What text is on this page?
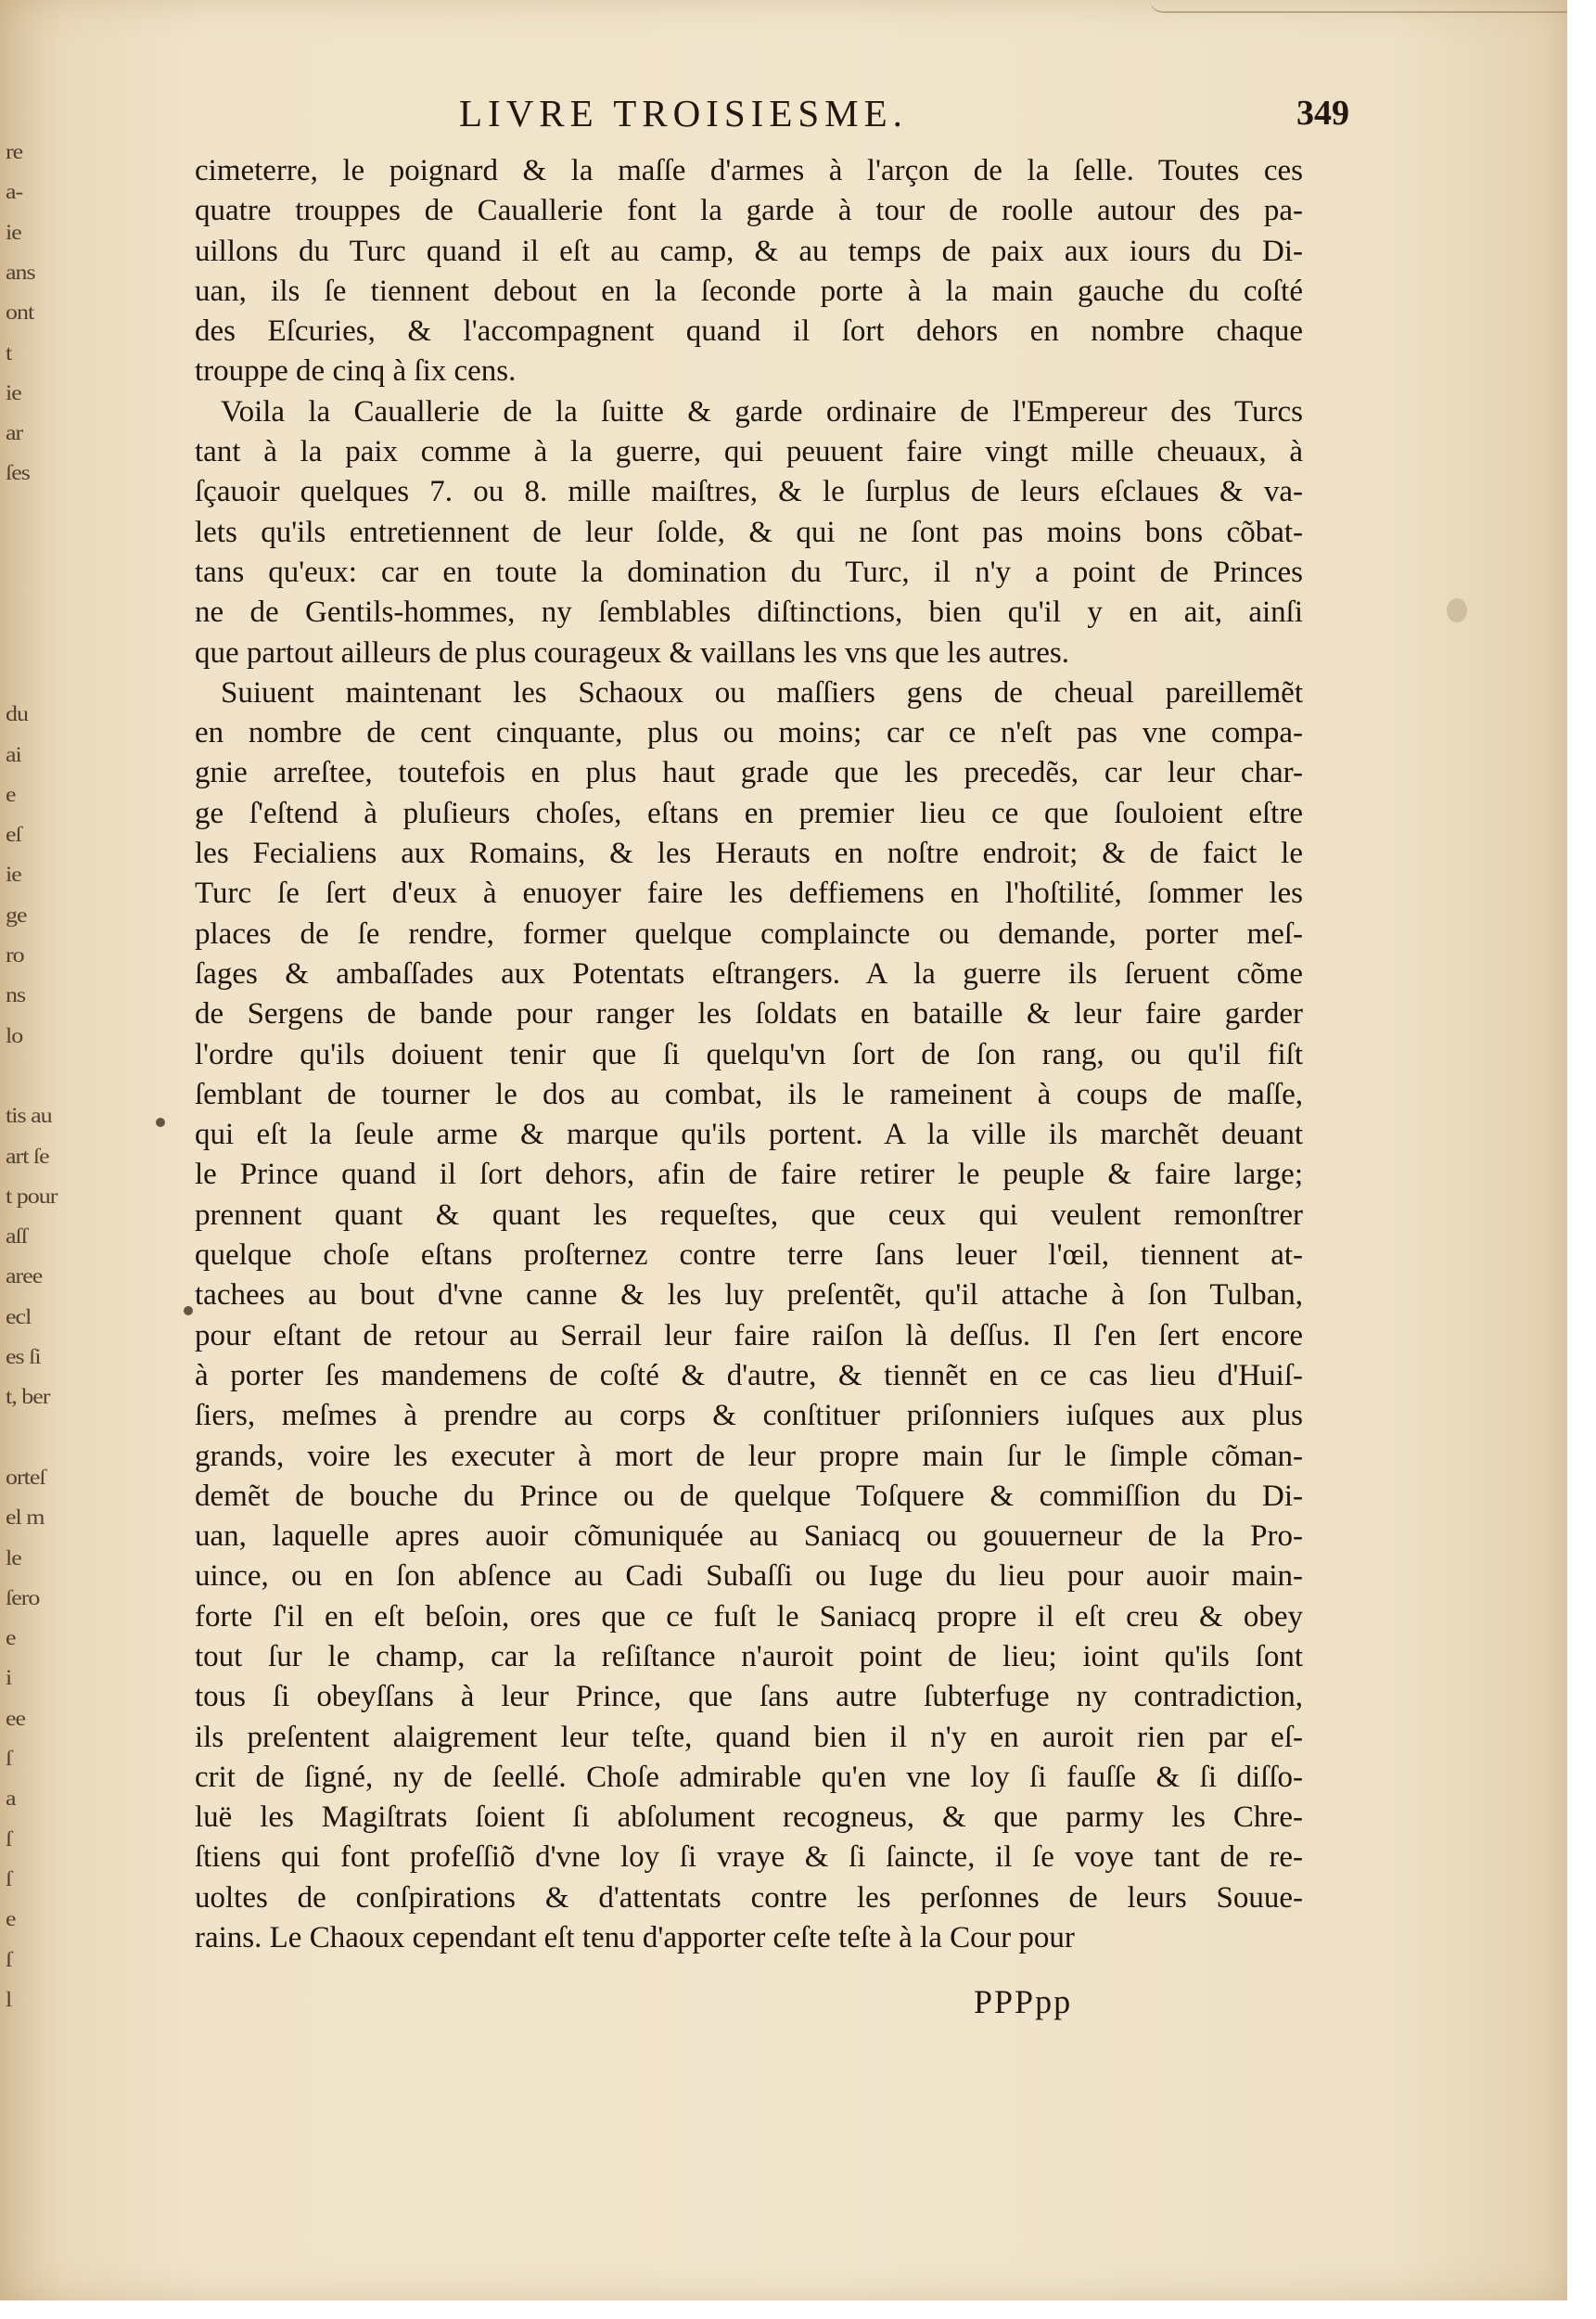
re
a-
ie
ans
ont
t
ie
ar
ſes
du
ai
e
eſ
ie
ge
ro
ns
lo
tis au
art ſe
t pour
aſſ
aree
ecl
es ſi
t, ber
orteſ
el m
le
ſero
e
i
ee
ſ
a
ſ
ſ
e
ſ
l
LIVRE TROISIESME.	349
cimeterre, le poignard & la maſſe d'armes à l'arçon de la ſelle. Toutes ces
quatre trouppes de Cauallerie font la garde à tour de roolle autour des pa-
uillons du Turc quand il eſt au camp, & au temps de paix aux iours du Di-
uan, ils ſe tiennent debout en la ſeconde porte à la main gauche du coſté
des Eſcuries, & l'accompagnent quand il ſort dehors en nombre chaque
trouppe de cinq à ſix cens.
Voila la Cauallerie de la ſuitte & garde ordinaire de l'Empereur des Turcs
tant à la paix comme à la guerre, qui peuuent faire vingt mille cheuaux, à
ſçauoir quelques 7. ou 8. mille maiſtres, & le ſurplus de leurs eſclaues & va-
lets qu'ils entretiennent de leur ſolde, & qui ne ſont pas moins bons cõbat-
tans qu'eux: car en toute la domination du Turc, il n'y a point de Princes
ne de Gentils-hommes, ny ſemblables diſtinctions, bien qu'il y en ait, ainſi
que partout ailleurs de plus courageux & vaillans les vns que les autres.
Suiuent maintenant les Schaoux ou maſſiers gens de cheual pareillemẽt
en nombre de cent cinquante, plus ou moins; car ce n'eſt pas vne compa-
gnie arreſtee, toutefois en plus haut grade que les precedẽs, car leur char-
ge ſ'eſtend à pluſieurs choſes, eſtans en premier lieu ce que ſouloient eſtre
les Fecialiens aux Romains, & les Herauts en noſtre endroit; & de faict le
Turc ſe ſert d'eux à enuoyer faire les deffiemens en l'hoſtilité, ſommer les
places de ſe rendre, former quelque complaincte ou demande, porter meſ-
ſages & ambaſſades aux Potentats eſtrangers. A la guerre ils ſeruent cõme
de Sergens de bande pour ranger les ſoldats en bataille & leur faire garder
l'ordre qu'ils doiuent tenir que ſi quelqu'vn ſort de ſon rang, ou qu'il fiſt
ſemblant de tourner le dos au combat, ils le rameinent à coups de maſſe,
qui eſt la ſeule arme & marque qu'ils portent. A la ville ils marchẽt deuant
le Prince quand il ſort dehors, afin de faire retirer le peuple & faire large;
prennent quant & quant les requeſtes, que ceux qui veulent remonſtrer
quelque choſe eſtans proſternez contre terre ſans leuer l'œil, tiennent at-
tachees au bout d'vne canne & les luy preſentẽt, qu'il attache à ſon Tulban,
pour eſtant de retour au Serrail leur faire raiſon là deſſus. Il ſ'en ſert encore
à porter ſes mandemens de coſté & d'autre, & tiennẽt en ce cas lieu d'Huiſ-
ſiers, meſmes à prendre au corps & conſtituer priſonniers iuſques aux plus
grands, voire les executer à mort de leur propre main ſur le ſimple cõman-
demẽt de bouche du Prince ou de quelque Toſquere & commiſſion du Di-
uan, laquelle apres auoir cõmuniquée au Saniacq ou gouuerneur de la Pro-
uince, ou en ſon abſence au Cadi Subaſſi ou Iuge du lieu pour auoir main-
forte ſ'il en eſt beſoin, ores que ce fuſt le Saniacq propre il eſt creu & obey
tout ſur le champ, car la reſiſtance n'auroit point de lieu; ioint qu'ils ſont
tous ſi obeyſſans à leur Prince, que ſans autre ſubterfuge ny contradiction,
ils preſentent alaigrement leur teſte, quand bien il n'y en auroit rien par eſ-
crit de ſigné, ny de ſeellé. Choſe admirable qu'en vne loy ſi fauſſe & ſi diſſo-
luë les Magiſtrats ſoient ſi abſolument recogneus, & que parmy les Chre-
ſtiens qui font profeſſiõ d'vne loy ſi vraye & ſi ſaincte, il ſe voye tant de re-
uoltes de conſpirations & d'attentats contre les perſonnes de leurs Souue-
rains. Le Chaoux cependant eſt tenu d'apporter ceſte teſte à la Cour pour
PPPpp
